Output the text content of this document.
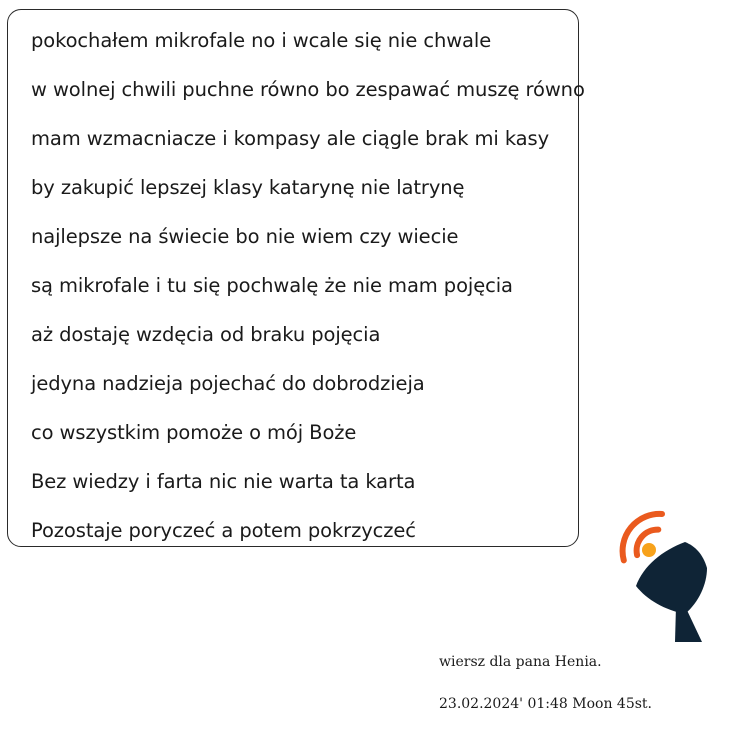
pokochałem mikrofale no i wcale się nie chwale
w wolnej chwili puchne równo bo zespawać muszę równo
mam wzmacniacze i kompasy ale ciągle brak mi kasy
by zakupić lepszej klasy katarynę nie latrynę
najlepsze na świecie bo nie wiem czy wiecie
są mikrofale i tu się pochwalę że nie mam pojęcia
aż dostaję wzdęcia od braku pojęcia
jedyna nadzieja pojechać do dobrodzieja
co wszystkim pomoże o mój Boże
Bez wiedzy i farta nic nie warta ta karta
Pozostaje poryczeć a potem pokrzyczeć
wiersz dla pana Henia.
23.02.2024' 01:48 Moon 45st.
